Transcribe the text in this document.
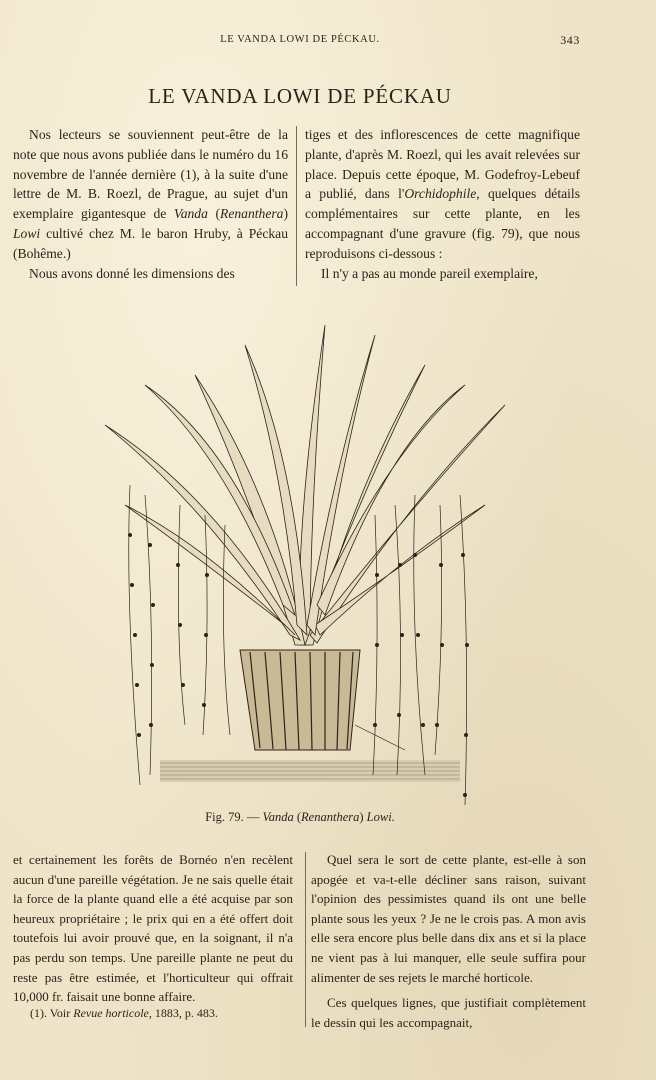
LE VANDA LOWI DE PÉCKAU.	343
LE VANDA LOWI DE PÉCKAU

Nos lecteurs se souviennent peut-être de la note que nous avons publiée dans le numéro du 16 novembre de l'année dernière (1), à la suite d'une lettre de M. B. Roezl, de Prague, au sujet d'un exemplaire gigantesque de Vanda (Renanthera) Lowi cultivé chez M. le baron Hruby, à Péckau (Bohême.)

Nous avons donné les dimensions des

tiges et des inflorescences de cette magnifique plante, d'après M. Roezl, qui les avait relevées sur place. Depuis cette époque, M. Godefroy-Lebeuf a publié, dans l'Orchidophile, quelques détails complémentaires sur cette plante, en les accompagnant d'une gravure (fig. 79), que nous reproduisons ci-dessous :

Il n'y a pas au monde pareil exemplaire,

Fig. 79. — Vanda (Renanthera) Lowi.

et certainement les forêts de Bornéo n'en recèlent aucun d'une pareille végétation. Je ne sais quelle était la force de la plante quand elle a été acquise par son heureux propriétaire ; le prix qui en a été offert doit toutefois lui avoir prouvé que, en la soignant, il n'a pas perdu son temps. Une pareille plante ne peut du reste pas être estimée, et l'horticulteur qui offrait 10,000 fr. faisait une bonne affaire.

Quel sera le sort de cette plante, est-elle à son apogée et va-t-elle décliner sans raison, suivant l'opinion des pessimistes quand ils ont une belle plante sous les yeux ? Je ne le crois pas. A mon avis elle sera encore plus belle dans dix ans et si la place ne vient pas à lui manquer, elle seule suffira pour alimenter de ses rejets le marché horticole.

Ces quelques lignes, que justifiait complètement le dessin qui les accompagnait,

(1). Voir Revue horticole, 1883, p. 483.
